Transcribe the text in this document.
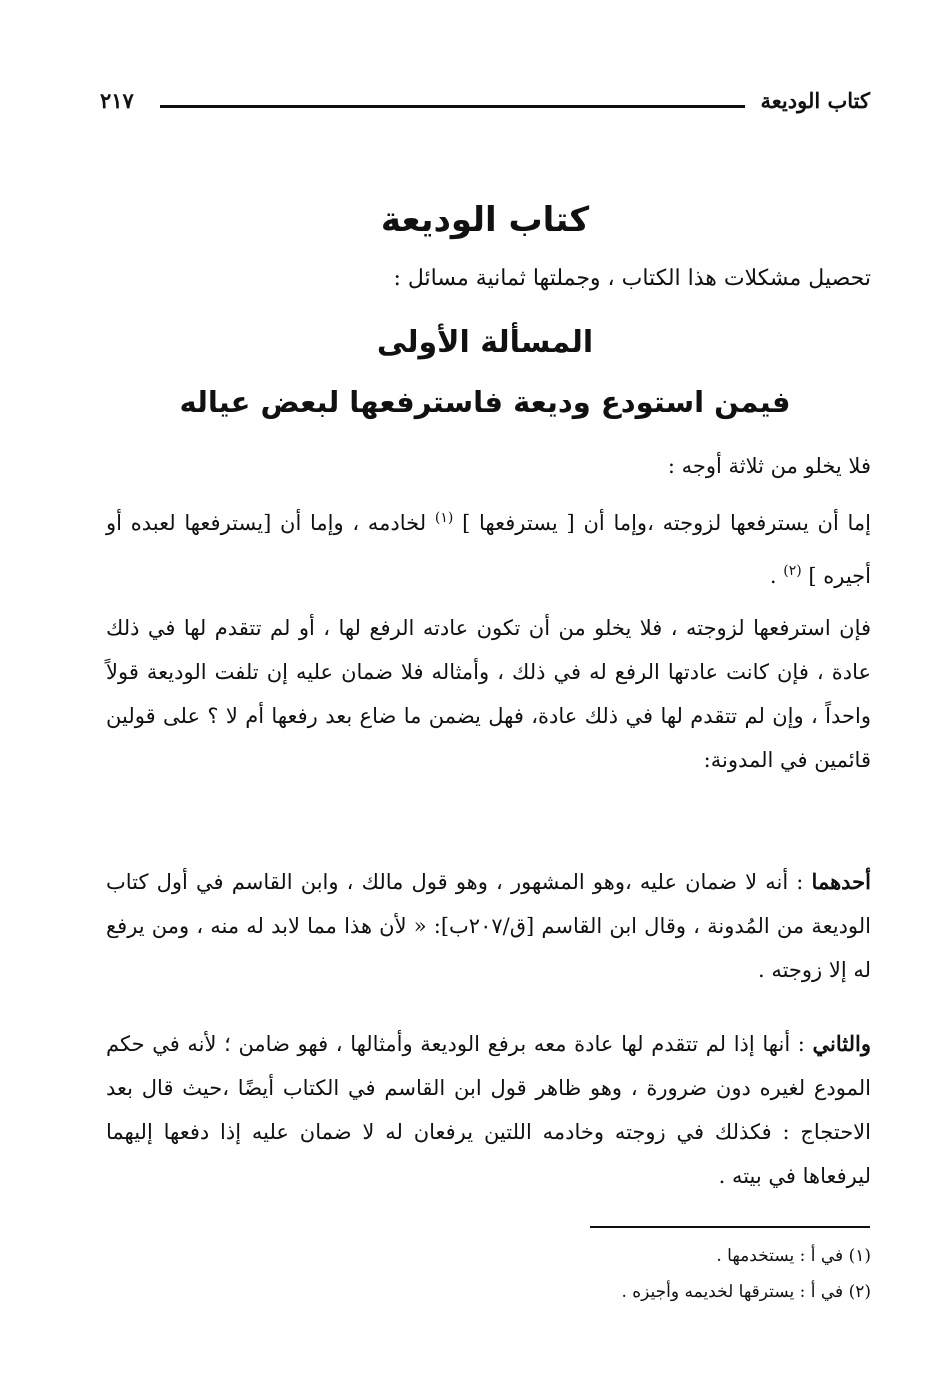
كتاب الوديعة
٢١٧
كتاب الوديعة
تحصيل مشكلات هذا الكتاب ، وجملتها ثمانية مسائل :
المسألة الأولى
فيمن استودع وديعة فاسترفعها لبعض عياله
فلا يخلو من ثلاثة أوجه :
إما أن يسترفعها لزوجته ،وإما أن [ يسترفعها ] $^{(١)}$ لخادمه ، وإما أن [يسترفعها لعبده أو أجيره ] $^{(٢)}$ .
فإن استرفعها لزوجته ، فلا يخلو من أن تكون عادته الرفع لها ، أو لم تتقدم لها في ذلك عادة ، فإن كانت عادتها الرفع له في ذلك ، وأمثاله فلا ضمان عليه إن تلفت الوديعة قولاً واحداً ، وإن لم تتقدم لها في ذلك عادة، فهل يضمن ما ضاع بعد رفعها أم لا ؟ على قولين قائمين في المدونة:
أحدهما : أنه لا ضمان عليه ،وهو المشهور ، وهو قول مالك ، وابن القاسم في أول كتاب الوديعة من المُدونة ، وقال ابن القاسم [ق/٢٠٧ب]: « لأن هذا مما لابد له منه ، ومن يرفع له إلا زوجته .
والثاني : أنها إذا لم تتقدم لها عادة معه برفع الوديعة وأمثالها ، فهو ضامن ؛ لأنه في حكم المودع لغيره دون ضرورة ، وهو ظاهر قول ابن القاسم في الكتاب أيضًا ،حيث قال بعد الاحتجاج : فكذلك في زوجته وخادمه اللتين يرفعان له لا ضمان عليه إذا دفعها إليهما ليرفعاها في بيته .
(١) في أ : يستخدمها .
(٢) في أ : يسترقها لخديمه وأجيزه .
